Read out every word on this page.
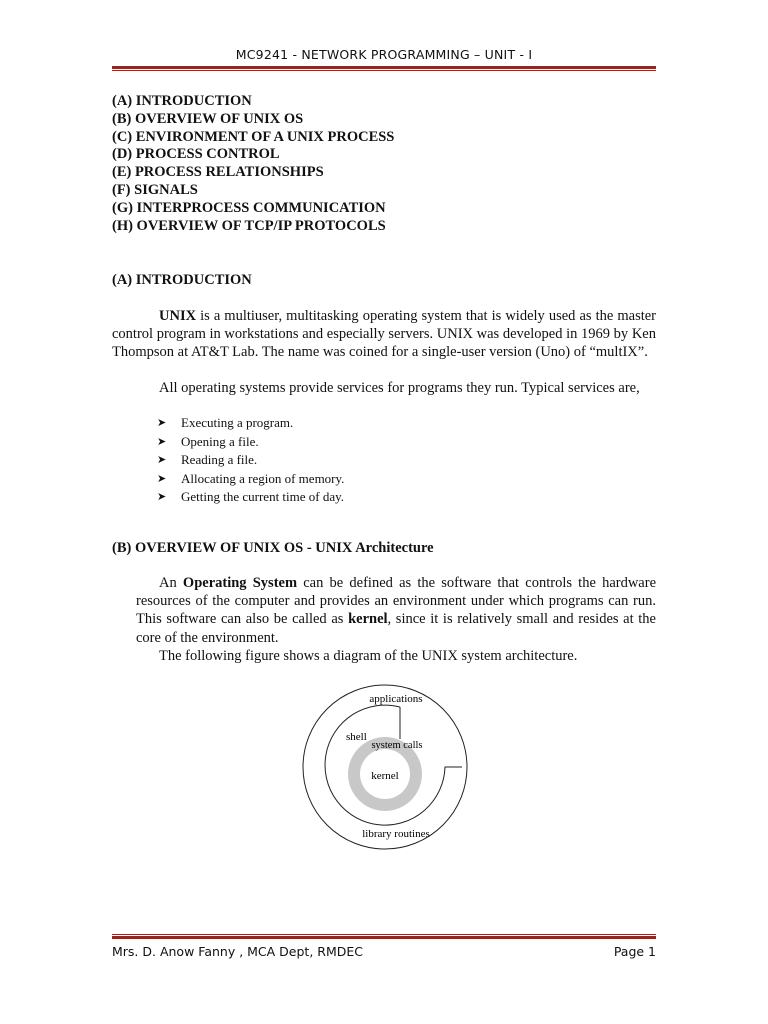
MC9241 - NETWORK PROGRAMMING – UNIT - I
(A) INTRODUCTION
(B) OVERVIEW OF UNIX OS
(C) ENVIRONMENT OF A UNIX PROCESS
(D) PROCESS CONTROL
(E) PROCESS RELATIONSHIPS
(F) SIGNALS
(G) INTERPROCESS COMMUNICATION
(H) OVERVIEW OF TCP/IP PROTOCOLS
(A) INTRODUCTION
UNIX is a multiuser, multitasking operating system that is widely used as the master control program in workstations and especially servers. UNIX was developed in 1969 by Ken Thompson at AT&T Lab. The name was coined for a single-user version (Uno) of “multIX”.
All operating systems provide services for programs they run. Typical services are,
➤	Executing a program.
➤	Opening a file.
➤	Reading a file.
➤	Allocating a region of memory.
➤	Getting the current time of day.
(B) OVERVIEW OF UNIX OS - UNIX Architecture
An Operating System can be defined as the software that controls the hardware resources of the computer and provides an environment under which programs can run. This software can also be called as kernel, since it is relatively small and resides at the core of the environment.
The following figure shows a diagram of the UNIX system architecture.
applications
shell
system calls
kernel
library routines
Mrs. D. Anow Fanny , MCA Dept, RMDEC	Page 1
